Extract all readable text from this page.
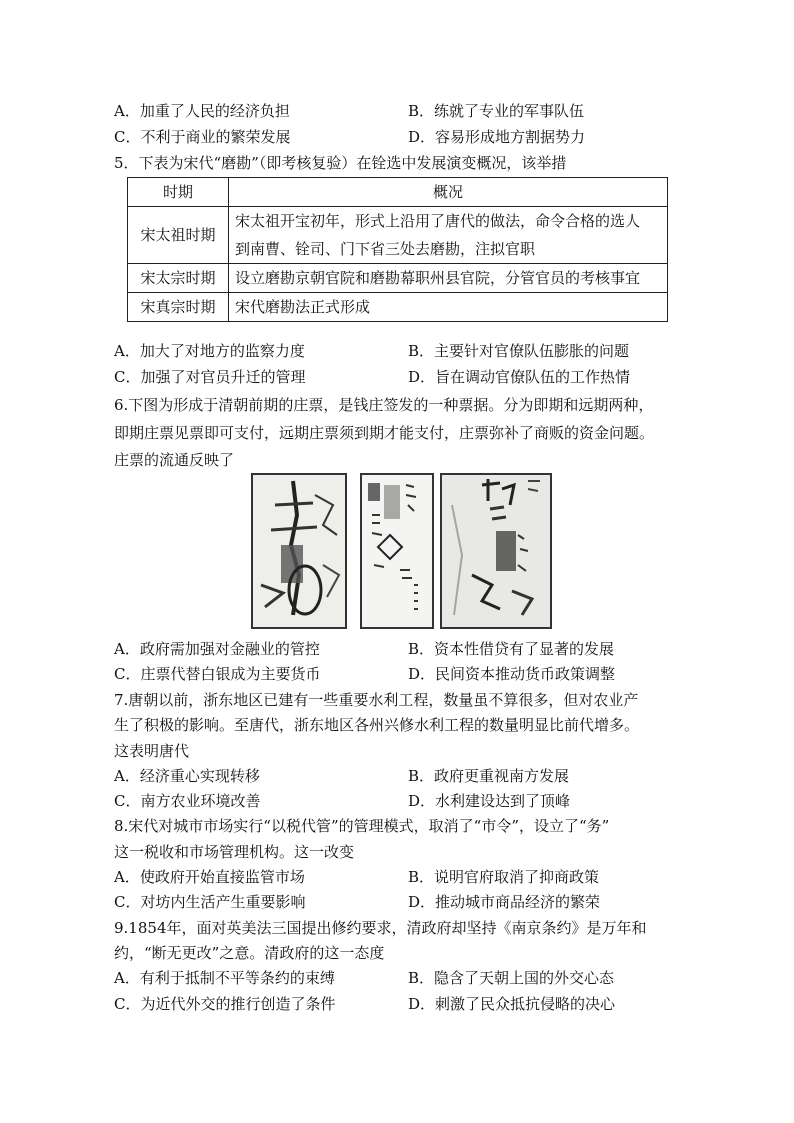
A．加重了人民的经济负担	B．练就了专业的军事队伍
C．不利于商业的繁荣发展	D．容易形成地方割据势力
5．下表为宋代“磨勘”（即考核复验）在铨选中发展演变概况，该举措
时期	概况
宋太祖时期	宋太祖开宝初年，形式上沿用了唐代的做法，命令合格的选人
到南曹、铨司、门下省三处去磨勘，注拟官职

宋太宗时期	设立磨勘京朝官院和磨勘幕职州县官院，分管官员的考核事宜
宋真宗时期	宋代磨勘法正式形成
A．加大了对地方的监察力度	B．主要针对官僚队伍膨胀的问题
C．加强了对官员升迁的管理	D．旨在调动官僚队伍的工作热情
6.下图为形成于清朝前期的庄票，是钱庄签发的一种票据。分为即期和远期两种，
即期庄票见票即可支付，远期庄票须到期才能支付，庄票弥补了商贩的资金问题。
庄票的流通反映了
A．政府需加强对金融业的管控	B．资本性借贷有了显著的发展
C．庄票代替白银成为主要货币	D．民间资本推动货币政策调整
7.唐朝以前，浙东地区已建有一些重要水利工程，数量虽不算很多，但对农业产
生了积极的影响。至唐代，浙东地区各州兴修水利工程的数量明显比前代增多。
这表明唐代
A．经济重心实现转移	B．政府更重视南方发展
C．南方农业环境改善	D．水利建设达到了顶峰
8.宋代对城市市场实行“以税代管”的管理模式，取消了“市令”，设立了“务”
这一税收和市场管理机构。这一改变
A．使政府开始直接监管市场	B．说明官府取消了抑商政策
C．对坊内生活产生重要影响	D．推动城市商品经济的繁荣
9.1854年，面对英美法三国提出修约要求，清政府却坚持《南京条约》是万年和
约，“断无更改”之意。清政府的这一态度
A．有利于抵制不平等条约的束缚	B．隐含了天朝上国的外交心态
C．为近代外交的推行创造了条件	D．刺激了民众抵抗侵略的决心
